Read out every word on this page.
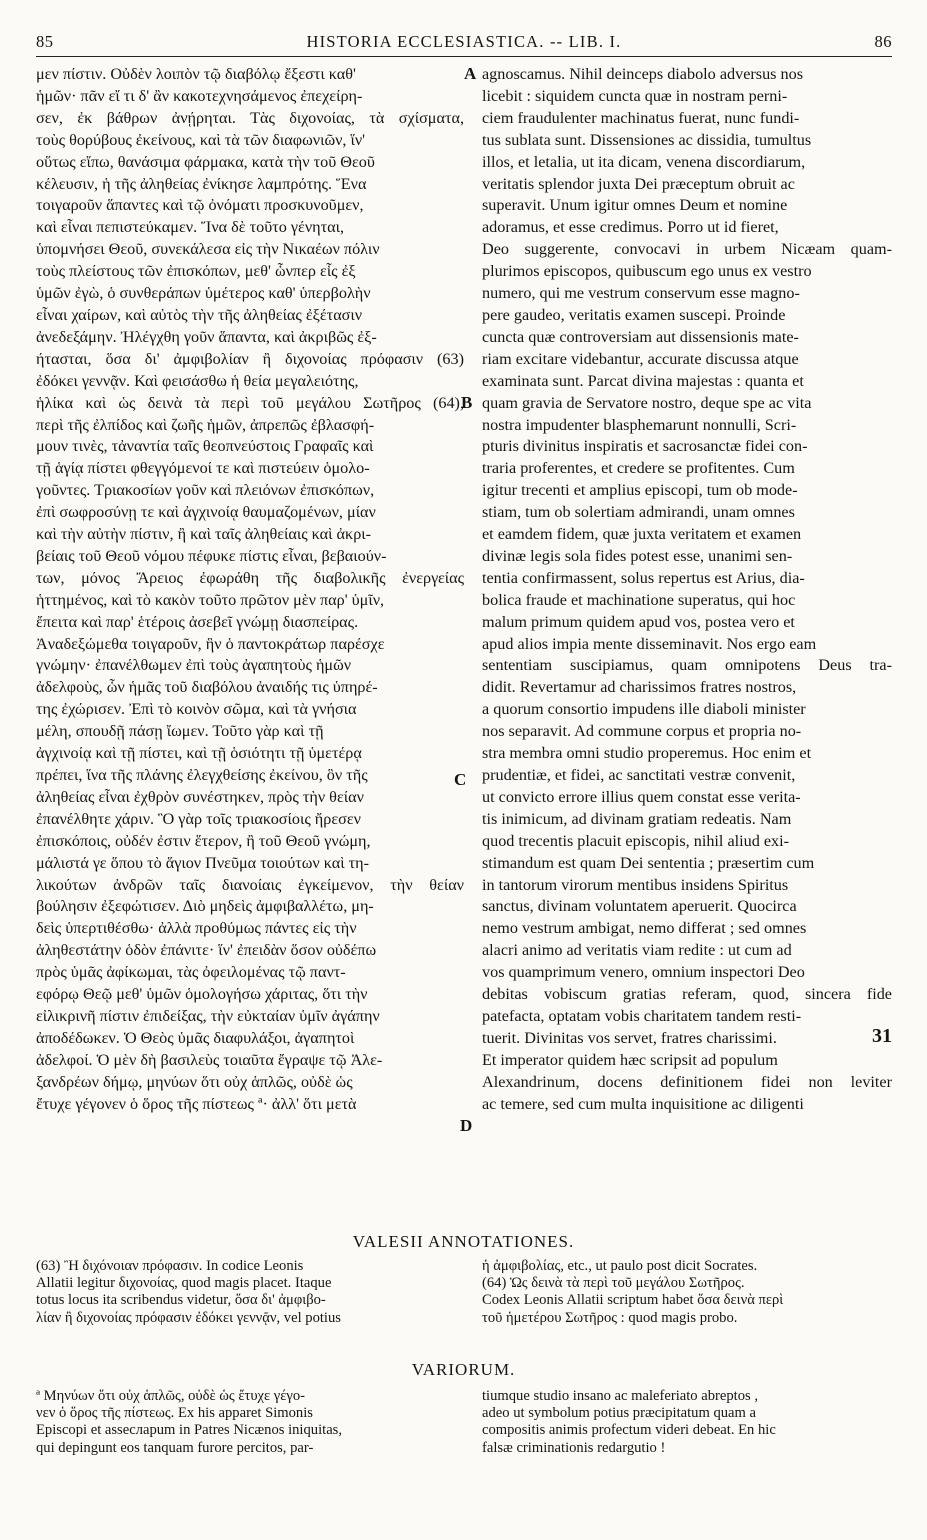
85	HISTORIA ECCLESIASTICA. -- LIB. I.	86
μεν πίστιν. Οὐδὲν λοιπὸν τῷ διαβόλῳ ἔξεστι καθ'
ἡμῶν· πᾶν εἴ τι δ' ἂν κακοτεχνησάμενος ἐπεχείρη-
σεν, ἐκ βάθρων ἀνῄρηται. Τὰς διχονοίας, τὰ σχίσματα,
τοὺς θορύβους ἐκείνους, καὶ τὰ τῶν διαφωνιῶν, ἵν'
οὕτως εἴπω, θανάσιμα φάρμακα, κατὰ τὴν τοῦ Θεοῦ
κέλευσιν, ἡ τῆς ἀληθείας ἐνίκησε λαμπρότης. Ἕνα
τοιγαροῦν ἅπαντες καὶ τῷ ὀνόματι προσκυνοῦμεν,
καὶ εἶναι πεπιστεύκαμεν. Ἵνα δὲ τοῦτο γένηται,
ὑπομνήσει Θεοῦ, συνεκάλεσα εἰς τὴν Νικαέων πόλιν
τοὺς πλείστους τῶν ἐπισκόπων, μεθ' ὧνπερ εἷς ἐξ
ὑμῶν ἐγὼ, ὁ συνθεράπων ὑμέτερος καθ' ὑπερβολὴν
εἶναι χαίρων, καὶ αὐτὸς τὴν τῆς ἀληθείας ἐξέτασιν
ἀνεδεξάμην. Ἠλέγχθη γοῦν ἅπαντα, καὶ ἀκριβῶς ἐξ-
ήτασται, ὅσα δι' ἀμφιβολίαν ἢ διχονοίας πρόφασιν (63)
ἐδόκει γεννᾷν. Καὶ φεισάσθω ἡ θεία μεγαλειότης,
ἡλίκα καὶ ὡς δεινὰ τὰ περὶ τοῦ μεγάλου Σωτῆρος (64),
περὶ τῆς ἐλπίδος καὶ ζωῆς ἡμῶν, ἀπρεπῶς ἐβλασφή-
μουν τινὲς, τἀναντία ταῖς θεοπνεύστοις Γραφαῖς καὶ
τῇ ἁγίᾳ πίστει φθεγγόμενοί τε καὶ πιστεύειν ὁμολο-
γοῦντες. Τριακοσίων γοῦν καὶ πλειόνων ἐπισκόπων,
ἐπὶ σωφροσύνῃ τε καὶ ἀγχινοίᾳ θαυμαζομένων, μίαν
καὶ τὴν αὐτὴν πίστιν, ἢ καὶ ταῖς ἀληθείαις καὶ ἀκρι-
βείαις τοῦ Θεοῦ νόμου πέφυκε πίστις εἶναι, βεβαιούν-
των, μόνος Ἄρειος ἐφωράθη τῆς διαβολικῆς ἐνεργείας
ἡττημένος, καὶ τὸ κακὸν τοῦτο πρῶτον μὲν παρ' ὑμῖν,
ἔπειτα καὶ παρ' ἑτέροις ἀσεβεῖ γνώμῃ διασπείρας.
Ἀναδεξώμεθα τοιγαροῦν, ἣν ὁ παντοκράτωρ παρέσχε
γνώμην· ἐπανέλθωμεν ἐπὶ τοὺς ἀγαπητοὺς ἡμῶν
ἀδελφοὺς, ὧν ἡμᾶς τοῦ διαβόλου ἀναιδής τις ὑπηρέ-
της ἐχώρισεν. Ἐπὶ τὸ κοινὸν σῶμα, καὶ τὰ γνήσια
μέλη, σπουδῇ πάσῃ ἴωμεν. Τοῦτο γὰρ καὶ τῇ
ἀγχινοίᾳ καὶ τῇ πίστει, καὶ τῇ ὁσιότητι τῇ ὑμετέρᾳ
πρέπει, ἵνα τῆς πλάνης ἐλεγχθείσης ἐκείνου, ὃν τῆς
ἀληθείας εἶναι ἐχθρὸν συνέστηκεν, πρὸς τὴν θείαν
ἐπανέλθητε χάριν. Ὃ γὰρ τοῖς τριακοσίοις ἤρεσεν
ἐπισκόποις, οὐδέν ἐστιν ἕτερον, ἢ τοῦ Θεοῦ γνώμη,
μάλιστά γε ὅπου τὸ ἅγιον Πνεῦμα τοιούτων καὶ τη-
λικούτων ἀνδρῶν ταῖς διανοίαις ἐγκείμενον, τὴν θείαν
βούλησιν ἐξεφώτισεν. Διὸ μηδεὶς ἀμφιβαλλέτω, μη-
δεὶς ὑπερτιθέσθω· ἀλλὰ προθύμως πάντες εἰς τὴν
ἀληθεστάτην ὁδὸν ἐπάνιτε· ἵν' ἐπειδὰν ὅσον οὐδέπω
πρὸς ὑμᾶς ἀφίκωμαι, τὰς ὀφειλομένας τῷ παντ-
εφόρῳ Θεῷ μεθ' ὑμῶν ὁμολογήσω χάριτας, ὅτι τὴν
εἰλικρινῆ πίστιν ἐπιδείξας, τὴν εὐκταίαν ὑμῖν ἀγάπην
ἀποδέδωκεν. Ὁ Θεὸς ὑμᾶς διαφυλάξοι, ἀγαπητοὶ
ἀδελφοί. Ὁ μὲν δὴ βασιλεὺς τοιαῦτα ἔγραψε τῷ Ἀλε-
ξανδρέων δήμῳ, μηνύων ὅτι οὐχ ἁπλῶς, οὐδὲ ὡς
ἔτυχε γέγονεν ὁ ὅρος τῆς πίστεως ª· ἀλλ' ὅτι μετὰ
agnoscamus. Nihil deinceps diabolo adversus nos
licebit : siquidem cuncta quæ in nostram perni-
ciem fraudulenter machinatus fuerat, nunc fundi-
tus sublata sunt. Dissensiones ac dissidia, tumultus
illos, et letalia, ut ita dicam, venena discordiarum,
veritatis splendor juxta Dei præceptum obruit ac
superavit. Unum igitur omnes Deum et nomine
adoramus, et esse credimus. Porro ut id fieret,
Deo suggerente, convocavi in urbem Nicæam quam-
plurimos episcopos, quibuscum ego unus ex vestro
numero, qui me vestrum conservum esse magno-
pere gaudeo, veritatis examen suscepi. Proinde
cuncta quæ controversiam aut dissensionis mate-
riam excitare videbantur, accurate discussa atque
examinata sunt. Parcat divina majestas : quanta et
quam gravia de Servatore nostro, deque spe ac vita
nostra impudenter blasphemarunt nonnulli, Scri-
pturis divinitus inspiratis et sacrosanctæ fidei con-
traria proferentes, et credere se profitentes. Cum
igitur trecenti et amplius episcopi, tum ob mode-
stiam, tum ob solertiam admirandi, unam omnes
et eamdem fidem, quæ juxta veritatem et examen
divinæ legis sola fides potest esse, unanimi sen-
tentia confirmassent, solus repertus est Arius, dia-
bolica fraude et machinatione superatus, qui hoc
malum primum quidem apud vos, postea vero et
apud alios impia mente disseminavit. Nos ergo eam
sententiam suscipiamus, quam omnipotens Deus tra-
didit. Revertamur ad charissimos fratres nostros,
a quorum consortio impudens ille diaboli minister
nos separavit. Ad commune corpus et propria no-
stra membra omni studio properemus. Hoc enim et
prudentiæ, et fidei, ac sanctitati vestræ convenit,
ut convicto errore illius quem constat esse verita-
tis inimicum, ad divinam gratiam redeatis. Nam
quod trecentis placuit episcopis, nihil aliud exi-
stimandum est quam Dei sententia ; præsertim cum
in tantorum virorum mentibus insidens Spiritus
sanctus, divinam voluntatem aperuerit. Quocirca
nemo vestrum ambigat, nemo differat ; sed omnes
alacri animo ad veritatis viam redite : ut cum ad
vos quamprimum venero, omnium inspectori Deo
debitas vobiscum gratias referam, quod, sincera fide
patefacta, optatam vobis charitatem tandem resti-
tuerit. Divinitas vos servet, fratres charissimi.	31
Et imperator quidem hæc scripsit ad populum
Alexandrinum, docens definitionem fidei non leviter
ac temere, sed cum multa inquisitione ac diligenti
A
B
C
D
VALESII ANNOTATIONES.
(63) Ἢ διχόνοιαν πρόφασιν. In codice Leonis
Allatii legitur διχονοίας, quod magis placet. Itaque
totus locus ita scribendus videtur, ὅσα δι' ἀμφιβο-
λίαν ἢ διχονοίας πρόφασιν ἐδόκει γεννᾷν, vel potius
ἡ ἀμφιβολίας, etc., ut paulo post dicit Socrates.
(64) Ὡς δεινὰ τὰ περὶ τοῦ μεγάλου Σωτῆρος.
Codex Leonis Allatii scriptum habet ὅσα δεινὰ περὶ
τοῦ ἡμετέρου Σωτῆρος : quod magis probo.
VARIORUM.
ª Μηνύων ὅτι οὐχ ἁπλῶς, οὐδὲ ὡς ἔτυχε γέγο-
νεν ὁ ὅρος τῆς πίστεως. Ex his apparet Simonis
Episcopi et assecларum in Patres Nicænos iniquitas,
qui depingunt eos tanquam furore percitos, par-
tiumque studio insano ac maleferiato abreptos ,
adeo ut symbolum potius præcipitatum quam a
compositis animis profectum videri debeat. En hic
falsæ criminationis redargutio !
